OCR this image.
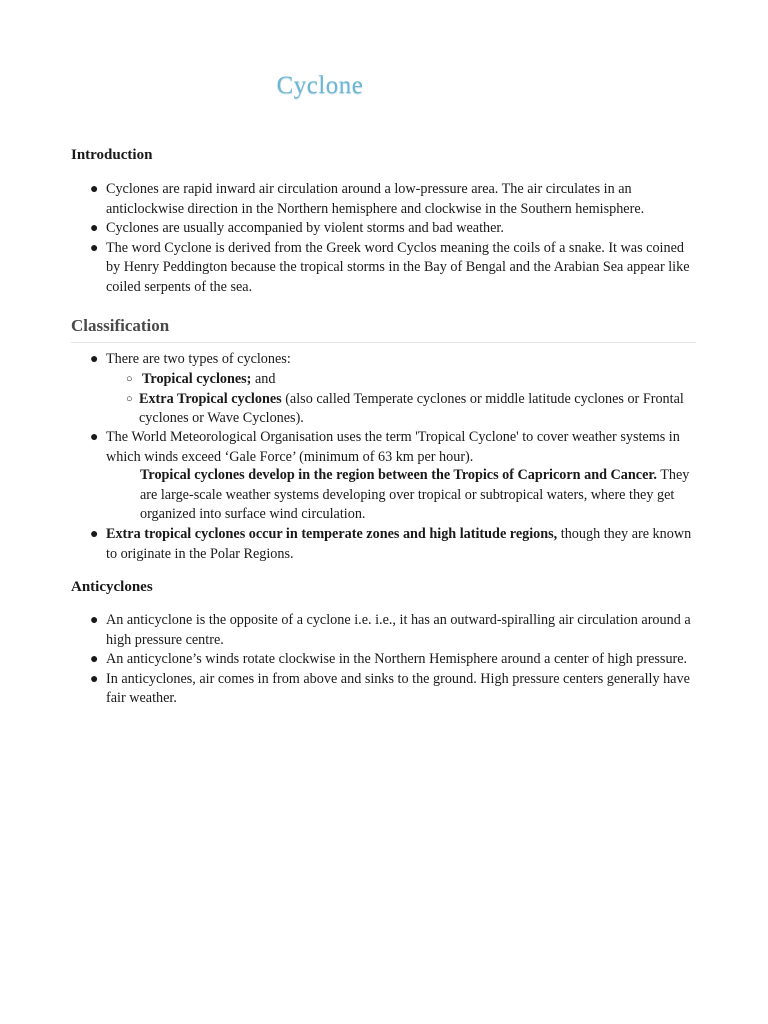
Cyclone
Introduction
● Cyclones are rapid inward air circulation around a low-pressure area. The air circulates in an anticlockwise direction in the Northern hemisphere and clockwise in the Southern hemisphere.
● Cyclones are usually accompanied by violent storms and bad weather.
● The word Cyclone is derived from the Greek word Cyclos meaning the coils of a snake. It was coined by Henry Peddington because the tropical storms in the Bay of Bengal and the Arabian Sea appear like coiled serpents of the sea.
Classification
● There are two types of cyclones:
○ Tropical cyclones; and
○ Extra Tropical cyclones (also called Temperate cyclones or middle latitude cyclones or Frontal cyclones or Wave Cyclones).
● The World Meteorological Organisation uses the term 'Tropical Cyclone' to cover weather systems in which winds exceed ‘Gale Force’ (minimum of 63 km per hour).

Tropical cyclones develop in the region between the Tropics of Capricorn and Cancer. They are large-scale weather systems developing over tropical or subtropical waters, where they get organized into surface wind circulation.

● Extra tropical cyclones occur in temperate zones and high latitude regions, though they are known to originate in the Polar Regions.
Anticyclones
● An anticyclone is the opposite of a cyclone i.e. i.e., it has an outward-spiralling air circulation around a high pressure centre.
● An anticyclone’s winds rotate clockwise in the Northern Hemisphere around a center of high pressure.
● In anticyclones, air comes in from above and sinks to the ground. High pressure centers generally have fair weather.
